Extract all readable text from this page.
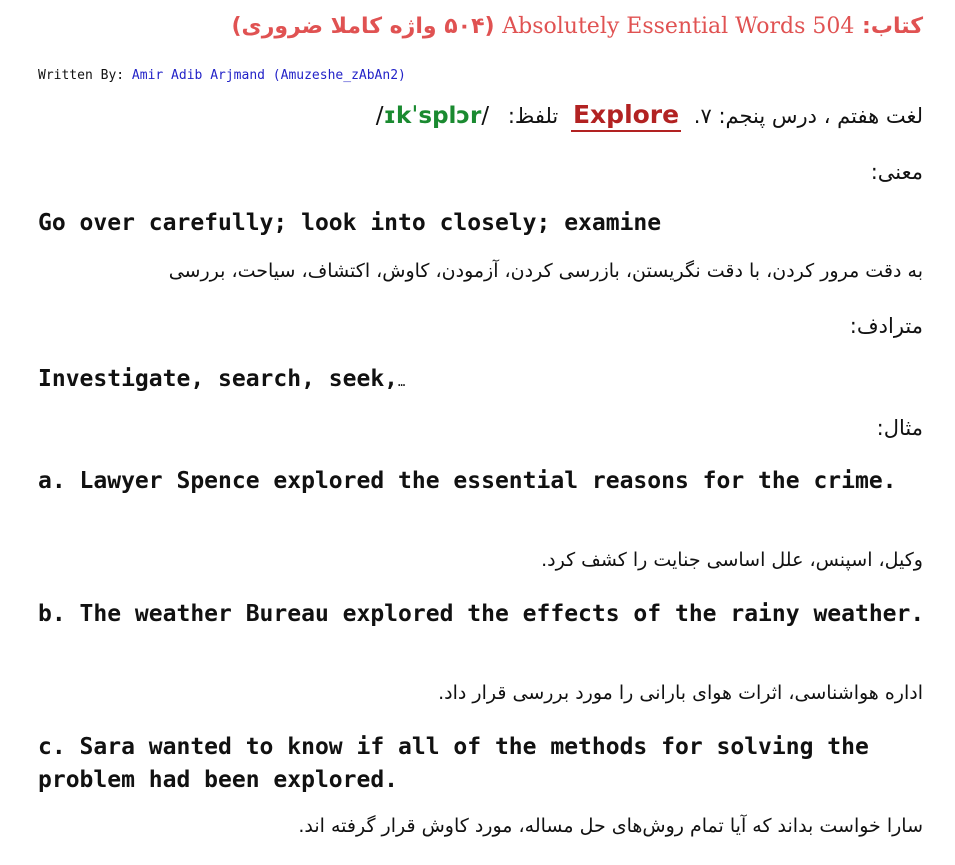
کتاب: Absolutely Essential Words 504 (۵۰۴ واژه کاملا ضروری)
Written By: Amir Adib Arjmand (Amuzeshe_zAbAn2)
لغت هفتم ، درس پنجم: ۷. Explore تلفظ: /ɪkˈsplɔr/
معنی:
Go over carefully; look into closely; examine
به دقت مرور کردن، با دقت نگریستن، بازرسی کردن، آزمودن، کاوش، اکتشاف، سیاحت، بررسی
مترادف:
Investigate, search, seek,…
مثال:
a. Lawyer Spence explored the essential reasons for the crime.
وکیل، اسپنس، علل اساسی جنایت را کشف کرد.
b. The weather Bureau explored the effects of the rainy weather.
اداره هواشناسی، اثرات هوای بارانی را مورد بررسی قرار داد.
c. Sara wanted to know if all of the methods for solving the problem had been explored.
سارا خواست بداند که آیا تمام روش‌های حل مساله، مورد کاوش قرار گرفته اند.
